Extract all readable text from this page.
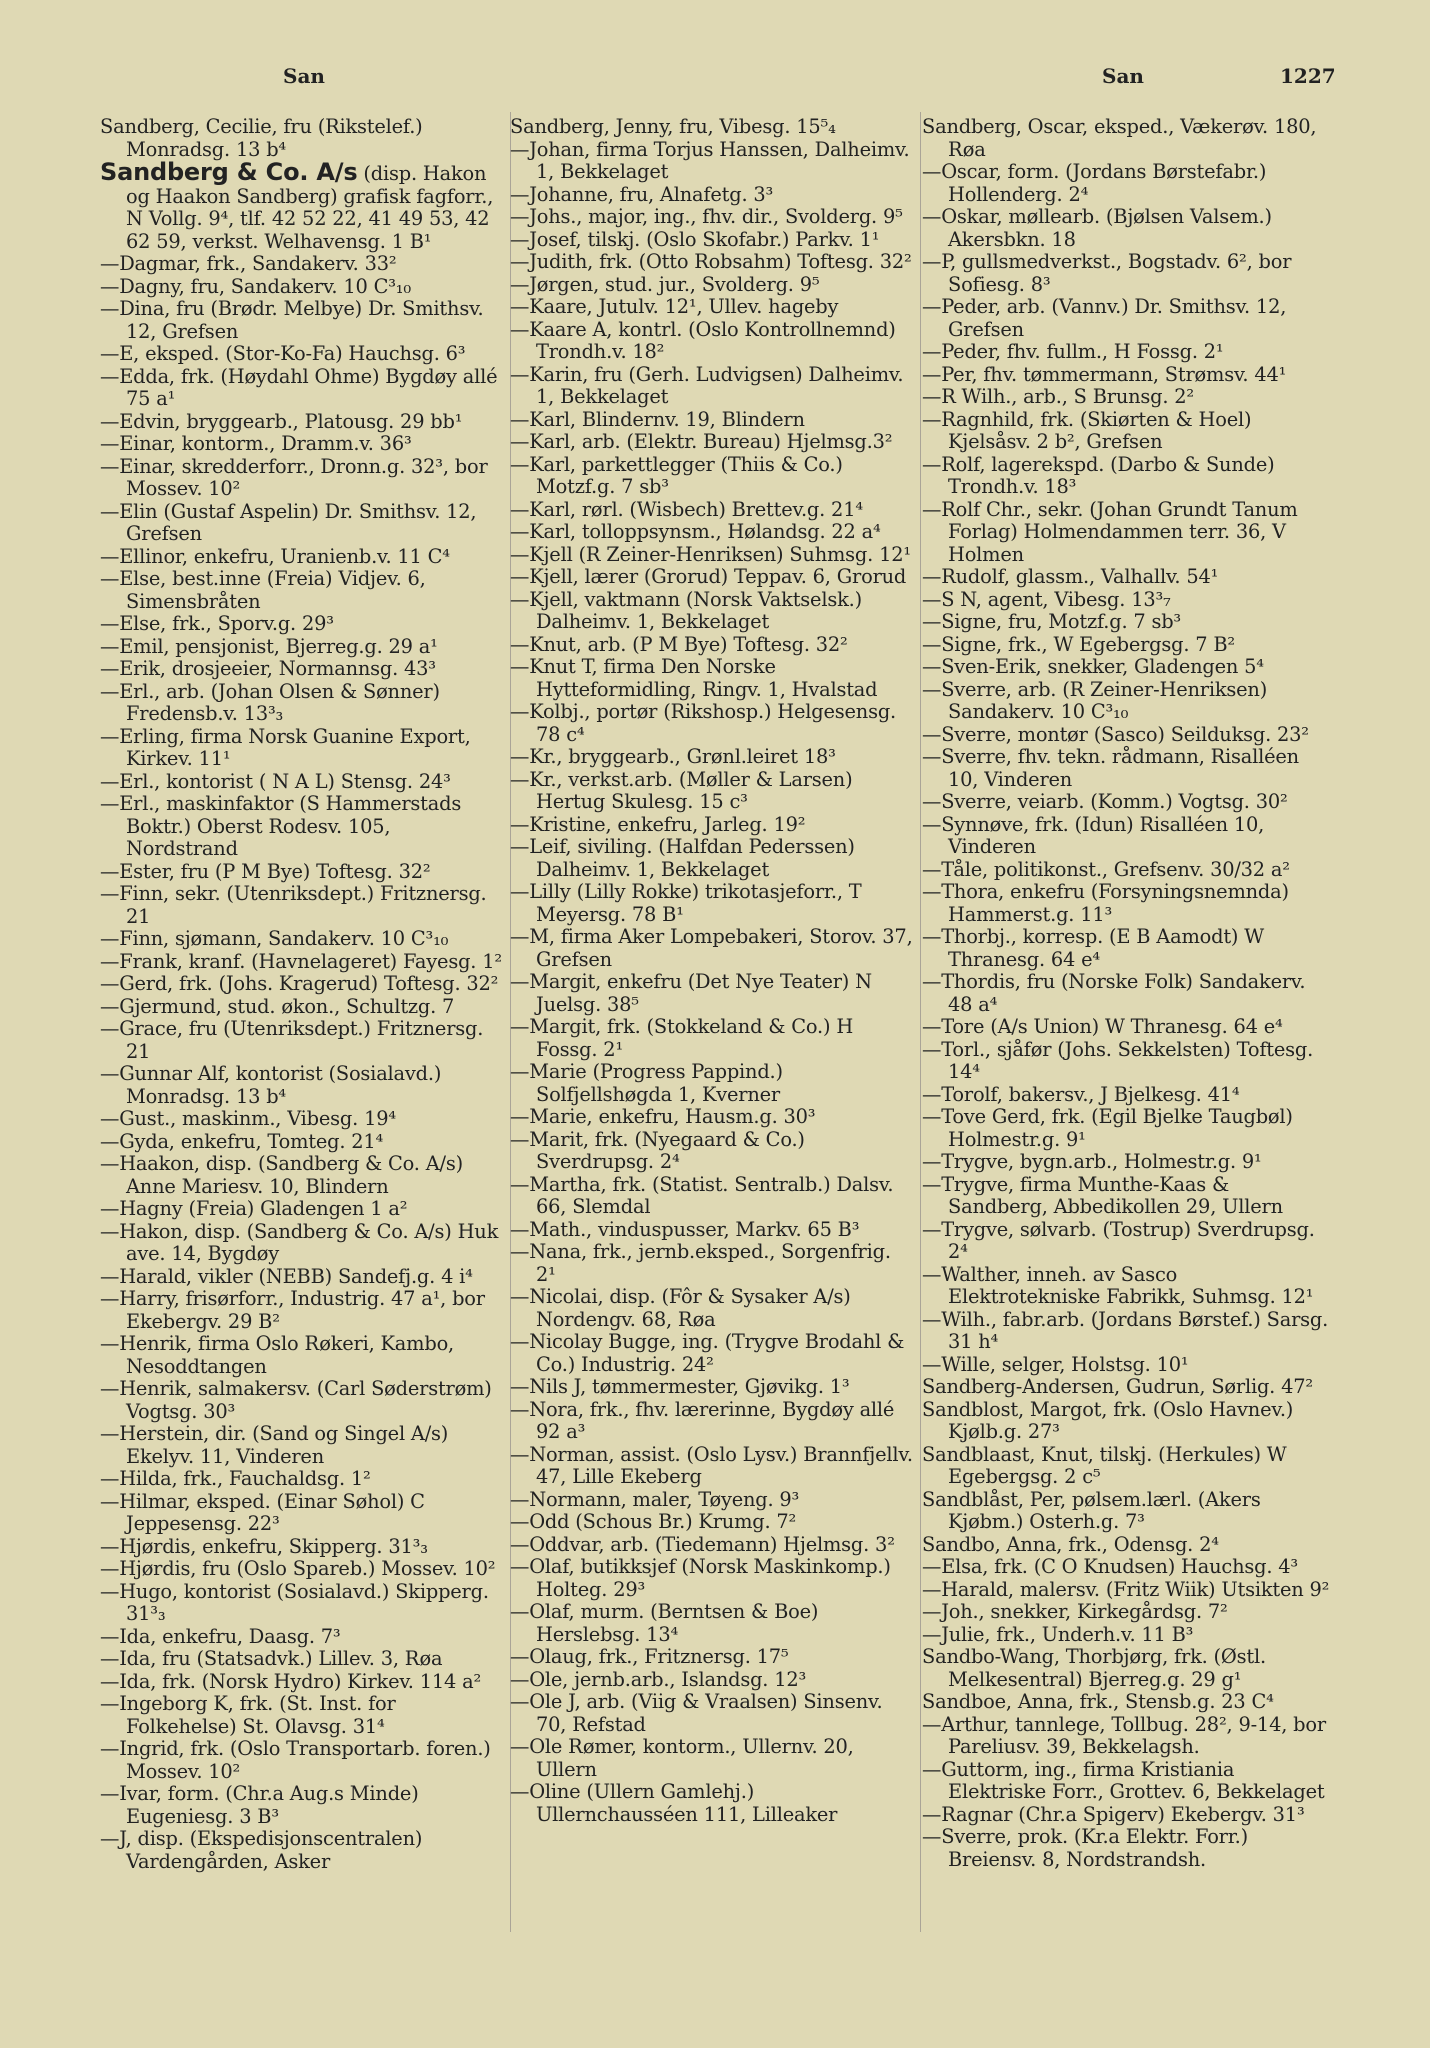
San	San	1227
Sandberg, Cecilie, fru (Rikstelef.) Monradsg. 13 b⁴
Sandberg & Co. A/s (disp. Hakon og Haakon Sandberg) grafisk fagforr., N Vollg. 9⁴, tlf. 42 52 22, 41 49 53, 42 62 59, verkst. Welhavensg. 1 B¹
—Dagmar, frk., Sandakerv. 33²
—Dagny, fru, Sandakerv. 10 C³₁₀
—Dina, fru (Brødr. Melbye) Dr. Smithsv. 12, Grefsen
—E, eksped. (Stor-Ko-Fa) Hauchsg. 6³
—Edda, frk. (Høydahl Ohme) Bygdøy allé 75 a¹
—Edvin, bryggearb., Platousg. 29 bb¹
—Einar, kontorm., Dramm.v. 36³
—Einar, skredderforr., Dronn.g. 32³, bor Mossev. 10²
—Elin (Gustaf Aspelin) Dr. Smithsv. 12, Grefsen
—Ellinor, enkefru, Uranienb.v. 11 C⁴
—Else, best.inne (Freia) Vidjev. 6, Simensbråten
—Else, frk., Sporv.g. 29³
—Emil, pensjonist, Bjerreg.g. 29 a¹
—Erik, drosjeeier, Normannsg. 43³
—Erl., arb. (Johan Olsen & Sønner) Fredensb.v. 13³₃
—Erling, firma Norsk Guanine Export, Kirkev. 11¹
—Erl., kontorist ( N A L) Stensg. 24³
—Erl., maskinfaktor (S Hammerstads Boktr.) Oberst Rodesv. 105, Nordstrand
—Ester, fru (P M Bye) Toftesg. 32²
—Finn, sekr. (Utenriksdept.) Fritznersg. 21
—Finn, sjømann, Sandakerv. 10 C³₁₀
—Frank, kranf. (Havnelageret) Fayesg. 1²
—Gerd, frk. (Johs. Kragerud) Toftesg. 32²
—Gjermund, stud. økon., Schultzg. 7
—Grace, fru (Utenriksdept.) Fritznersg. 21
—Gunnar Alf, kontorist (Sosialavd.) Monradsg. 13 b⁴
—Gust., maskinm., Vibesg. 19⁴
—Gyda, enkefru, Tomteg. 21⁴
—Haakon, disp. (Sandberg & Co. A/s) Anne Mariesv. 10, Blindern
—Hagny (Freia) Gladengen 1 a²
—Hakon, disp. (Sandberg & Co. A/s) Huk ave. 14, Bygdøy
—Harald, vikler (NEBB) Sandefj.g. 4 i⁴
—Harry, frisørforr., Industrig. 47 a¹, bor Ekebergv. 29 B²
—Henrik, firma Oslo Røkeri, Kambo, Nesoddtangen
—Henrik, salmakersv. (Carl Søderstrøm) Vogtsg. 30³
—Herstein, dir. (Sand og Singel A/s) Ekelyv. 11, Vinderen
—Hilda, frk., Fauchaldsg. 1²
—Hilmar, eksped. (Einar Søhol) C Jeppesensg. 22³
—Hjørdis, enkefru, Skipperg. 31³₃
—Hjørdis, fru (Oslo Spareb.) Mossev. 10²
—Hugo, kontorist (Sosialavd.) Skipperg. 31³₃
—Ida, enkefru, Daasg. 7³
—Ida, fru (Statsadvk.) Lillev. 3, Røa
—Ida, frk. (Norsk Hydro) Kirkev. 114 a²
—Ingeborg K, frk. (St. Inst. for Folkehelse) St. Olavsg. 31⁴
—Ingrid, frk. (Oslo Transportarb. foren.) Mossev. 10²
—Ivar, form. (Chr.a Aug.s Minde) Eugeniesg. 3 B³
—J, disp. (Ekspedisjonscentralen) Vardengården, Asker
Sandberg, Jenny, fru, Vibesg. 15⁵₄
—Johan, firma Torjus Hanssen, Dalheimv. 1, Bekkelaget
—Johanne, fru, Alnafetg. 3³
—Johs., major, ing., fhv. dir., Svolderg. 9⁵
—Josef, tilskj. (Oslo Skofabr.) Parkv. 1¹
—Judith, frk. (Otto Robsahm) Toftesg. 32²
—Jørgen, stud. jur., Svolderg. 9⁵
—Kaare, Jutulv. 12¹, Ullev. hageby
—Kaare A, kontrl. (Oslo Kontrollnemnd) Trondh.v. 18²
—Karin, fru (Gerh. Ludvigsen) Dalheimv. 1, Bekkelaget
—Karl, Blindernv. 19, Blindern
—Karl, arb. (Elektr. Bureau) Hjelmsg.3²
—Karl, parkettlegger (Thiis & Co.) Motzf.g. 7 sb³
—Karl, rørl. (Wisbech) Brettev.g. 21⁴
—Karl, tolloppsynsm., Hølandsg. 22 a⁴
—Kjell (R Zeiner-Henriksen) Suhmsg. 12¹
—Kjell, lærer (Grorud) Teppav. 6, Grorud
—Kjell, vaktmann (Norsk Vaktselsk.) Dalheimv. 1, Bekkelaget
—Knut, arb. (P M Bye) Toftesg. 32²
—Knut T, firma Den Norske Hytteformidling, Ringv. 1, Hvalstad
—Kolbj., portør (Rikshosp.) Helgesensg. 78 c⁴
—Kr., bryggearb., Grønl.leiret 18³
—Kr., verkst.arb. (Møller & Larsen) Hertug Skulesg. 15 c³
—Kristine, enkefru, Jarleg. 19²
—Leif, siviling. (Halfdan Pederssen) Dalheimv. 1, Bekkelaget
—Lilly (Lilly Rokke) trikotasjeforr., T Meyersg. 78 B¹
—M, firma Aker Lompebakeri, Storov. 37, Grefsen
—Margit, enkefru (Det Nye Teater) N Juelsg. 38⁵
—Margit, frk. (Stokkeland & Co.) H Fossg. 2¹
—Marie (Progress Pappind.) Solfjellshøgda 1, Kverner
—Marie, enkefru, Hausm.g. 30³
—Marit, frk. (Nyegaard & Co.) Sverdrupsg. 2⁴
—Martha, frk. (Statist. Sentralb.) Dalsv. 66, Slemdal
—Math., vinduspusser, Markv. 65 B³
—Nana, frk., jernb.eksped., Sorgenfrig. 2¹
—Nicolai, disp. (Fôr & Sysaker A/s) Nordengv. 68, Røa
—Nicolay Bugge, ing. (Trygve Brodahl & Co.) Industrig. 24²
—Nils J, tømmermester, Gjøvikg. 1³
—Nora, frk., fhv. lærerinne, Bygdøy allé 92 a³
—Norman, assist. (Oslo Lysv.) Brannfjellv. 47, Lille Ekeberg
—Normann, maler, Tøyeng. 9³
—Odd (Schous Br.) Krumg. 7²
—Oddvar, arb. (Tiedemann) Hjelmsg. 3²
—Olaf, butikksjef (Norsk Maskinkomp.) Holteg. 29³
—Olaf, murm. (Berntsen & Boe) Herslebsg. 13⁴
—Olaug, frk., Fritznersg. 17⁵
—Ole, jernb.arb., Islandsg. 12³
—Ole J, arb. (Viig & Vraalsen) Sinsenv. 70, Refstad
—Ole Rømer, kontorm., Ullernv. 20, Ullern
—Oline (Ullern Gamlehj.) Ullernchausséen 111, Lilleaker
Sandberg, Oscar, eksped., Vækerøv. 180, Røa
—Oscar, form. (Jordans Børstefabr.) Hollenderg. 2⁴
—Oskar, møllearb. (Bjølsen Valsem.) Akersbkn. 18
—P, gullsmedverkst., Bogstadv. 6², bor Sofiesg. 8³
—Peder, arb. (Vannv.) Dr. Smithsv. 12, Grefsen
—Peder, fhv. fullm., H Fossg. 2¹
—Per, fhv. tømmermann, Strømsv. 44¹
—R Wilh., arb., S Brunsg. 2²
—Ragnhild, frk. (Skiørten & Hoel) Kjelsåsv. 2 b², Grefsen
—Rolf, lagerekspd. (Darbo & Sunde) Trondh.v. 18³
—Rolf Chr., sekr. (Johan Grundt Tanum Forlag) Holmendammen terr. 36, V Holmen
—Rudolf, glassm., Valhallv. 54¹
—S N, agent, Vibesg. 13³₇
—Signe, fru, Motzf.g. 7 sb³
—Signe, frk., W Egebergsg. 7 B²
—Sven-Erik, snekker, Gladengen 5⁴
—Sverre, arb. (R Zeiner-Henriksen) Sandakerv. 10 C³₁₀
—Sverre, montør (Sasco) Seilduksg. 23²
—Sverre, fhv. tekn. rådmann, Risalléen 10, Vinderen
—Sverre, veiarb. (Komm.) Vogtsg. 30²
—Synnøve, frk. (Idun) Risalléen 10, Vinderen
—Tåle, politikonst., Grefsenv. 30/32 a²
—Thora, enkefru (Forsyningsnemnda) Hammerst.g. 11³
—Thorbj., korresp. (E B Aamodt) W Thranesg. 64 e⁴
—Thordis, fru (Norske Folk) Sandakerv. 48 a⁴
—Tore (A/s Union) W Thranesg. 64 e⁴
—Torl., sjåfør (Johs. Sekkelsten) Toftesg. 14⁴
—Torolf, bakersv., J Bjelkesg. 41⁴
—Tove Gerd, frk. (Egil Bjelke Taugbøl) Holmestr.g. 9¹
—Trygve, bygn.arb., Holmestr.g. 9¹
—Trygve, firma Munthe-Kaas & Sandberg, Abbedikollen 29, Ullern
—Trygve, sølvarb. (Tostrup) Sverdrupsg. 2⁴
—Walther, inneh. av Sasco Elektrotekniske Fabrikk, Suhmsg. 12¹
—Wilh., fabr.arb. (Jordans Børstef.) Sarsg. 31 h⁴
—Wille, selger, Holstsg. 10¹
Sandberg-Andersen, Gudrun, Sørlig. 47²
Sandblost, Margot, frk. (Oslo Havnev.) Kjølb.g. 27³
Sandblaast, Knut, tilskj. (Herkules) W Egebergsg. 2 c⁵
Sandblåst, Per, pølsem.lærl. (Akers Kjøbm.) Osterh.g. 7³
Sandbo, Anna, frk., Odensg. 2⁴
—Elsa, frk. (C O Knudsen) Hauchsg. 4³
—Harald, malersv. (Fritz Wiik) Utsikten 9²
—Joh., snekker, Kirkegårdsg. 7²
—Julie, frk., Underh.v. 11 B³
Sandbo-Wang, Thorbjørg, frk. (Østl. Melkesentral) Bjerreg.g. 29 g¹
Sandboe, Anna, frk., Stensb.g. 23 C⁴
—Arthur, tannlege, Tollbug. 28², 9-14, bor Pareliusv. 39, Bekkelagsh.
—Guttorm, ing., firma Kristiania Elektriske Forr., Grottev. 6, Bekkelaget
—Ragnar (Chr.a Spigerv) Ekebergv. 31³
—Sverre, prok. (Kr.a Elektr. Forr.) Breiensv. 8, Nordstrandsh.
